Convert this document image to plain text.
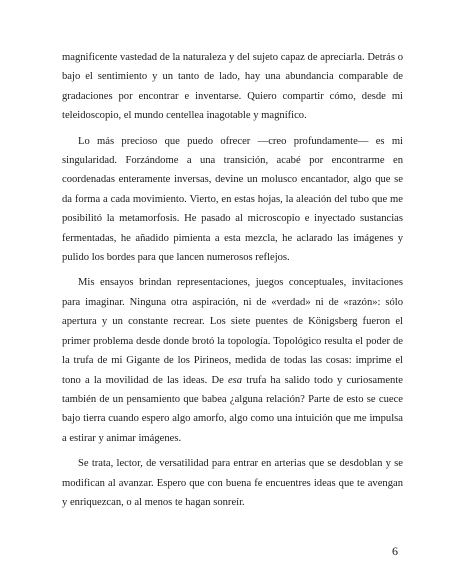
magnificente vastedad de la naturaleza y del sujeto capaz de apreciarla. Detrás o bajo el sentimiento y un tanto de lado, hay una abundancia comparable de gradaciones por encontrar e inventarse. Quiero compartir cómo, desde mi teleidoscopio, el mundo centellea inagotable y magnífico.

Lo más precioso que puedo ofrecer —creo profundamente— es mi singularidad. Forzándome a una transición, acabé por encontrarme en coordenadas enteramente inversas, devine un molusco encantador, algo que se da forma a cada movimiento. Vierto, en estas hojas, la aleación del tubo que me posibilitó la metamorfosis. He pasado al microscopio e inyectado sustancias fermentadas, he añadido pimienta a esta mezcla, he aclarado las imágenes y pulido los bordes para que lancen numerosos reflejos.

Mis ensayos brindan representaciones, juegos conceptuales, invitaciones para imaginar. Ninguna otra aspiración, ni de «verdad» ni de «razón»: sólo apertura y un constante recrear. Los siete puentes de Königsberg fueron el primer problema desde donde brotó la topología. Topológico resulta el poder de la trufa de mi Gigante de los Pirineos, medida de todas las cosas: imprime el tono a la movilidad de las ideas. De esa trufa ha salido todo y curiosamente también de un pensamiento que babea ¿alguna relación? Parte de esto se cuece bajo tierra cuando espero algo amorfo, algo como una intuición que me impulsa a estirar y animar imágenes.

Se trata, lector, de versatilidad para entrar en arterias que se desdoblan y se modifican al avanzar. Espero que con buena fe encuentres ideas que te avengan y enriquezcan, o al menos te hagan sonreír.

6
